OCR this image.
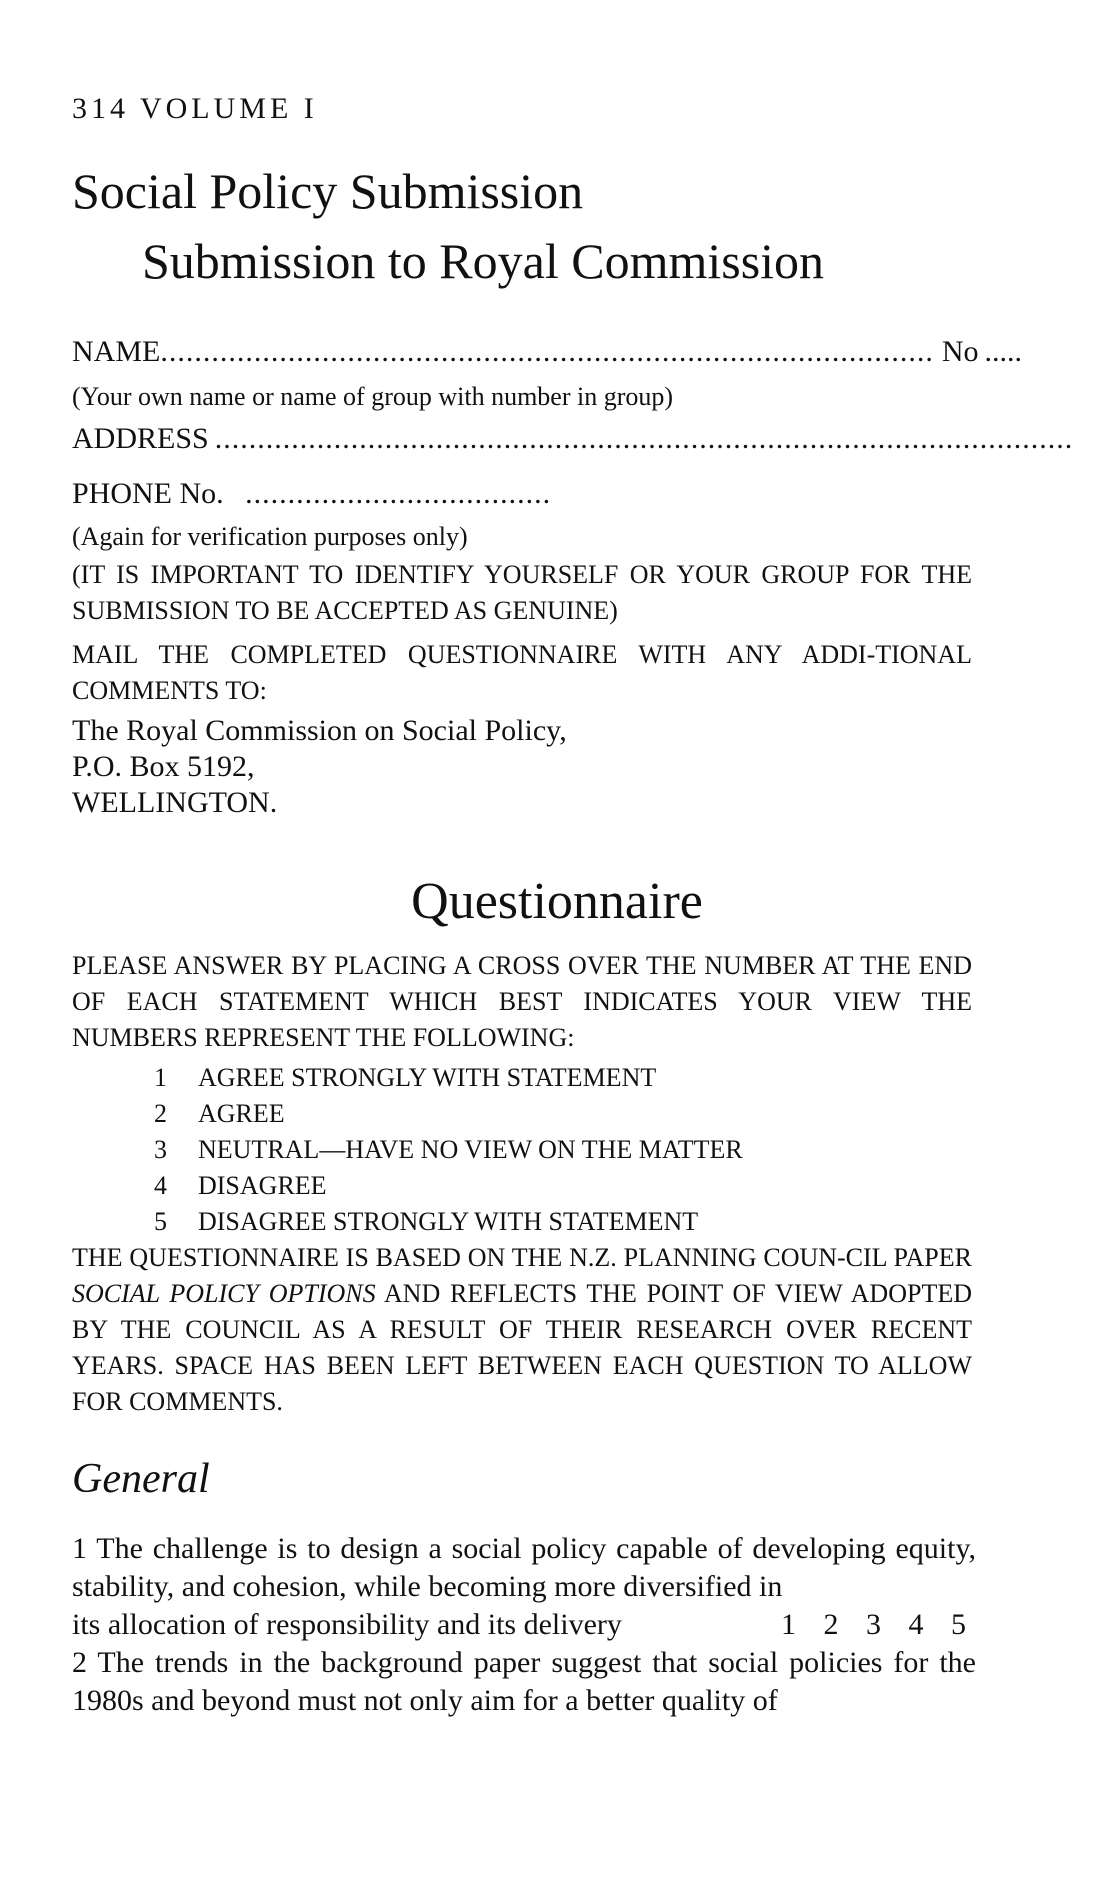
314 VOLUME I
Social Policy Submission
Submission to Royal Commission
NAME ........................................................................................... No .....
(Your own name or name of group with number in group)
ADDRESS .....................................................................................................
PHONE No. ....................................
(Again for verification purposes only)
(IT IS IMPORTANT TO IDENTIFY YOURSELF OR YOUR GROUP FOR THE SUBMISSION TO BE ACCEPTED AS GENUINE)
MAIL THE COMPLETED QUESTIONNAIRE WITH ANY ADDI-TIONAL COMMENTS TO:
The Royal Commission on Social Policy,
P.O. Box 5192,
WELLINGTON.
Questionnaire
PLEASE ANSWER BY PLACING A CROSS OVER THE NUMBER AT THE END OF EACH STATEMENT WHICH BEST INDICATES YOUR VIEW THE NUMBERS REPRESENT THE FOLLOWING:
1	AGREE STRONGLY WITH STATEMENT
2	AGREE
3	NEUTRAL—HAVE NO VIEW ON THE MATTER
4	DISAGREE
5	DISAGREE STRONGLY WITH STATEMENT
THE QUESTIONNAIRE IS BASED ON THE N.Z. PLANNING COUN-CIL PAPER SOCIAL POLICY OPTIONS AND REFLECTS THE POINT OF VIEW ADOPTED BY THE COUNCIL AS A RESULT OF THEIR RESEARCH OVER RECENT YEARS. SPACE HAS BEEN LEFT BETWEEN EACH QUESTION TO ALLOW FOR COMMENTS.
General
1 The challenge is to design a social policy capable of developing equity, stability, and cohesion, while becoming more diversified in
its allocation of responsibility and its delivery	1 2 3 4 5
2 The trends in the background paper suggest that social policies for the 1980s and beyond must not only aim for a better quality of
